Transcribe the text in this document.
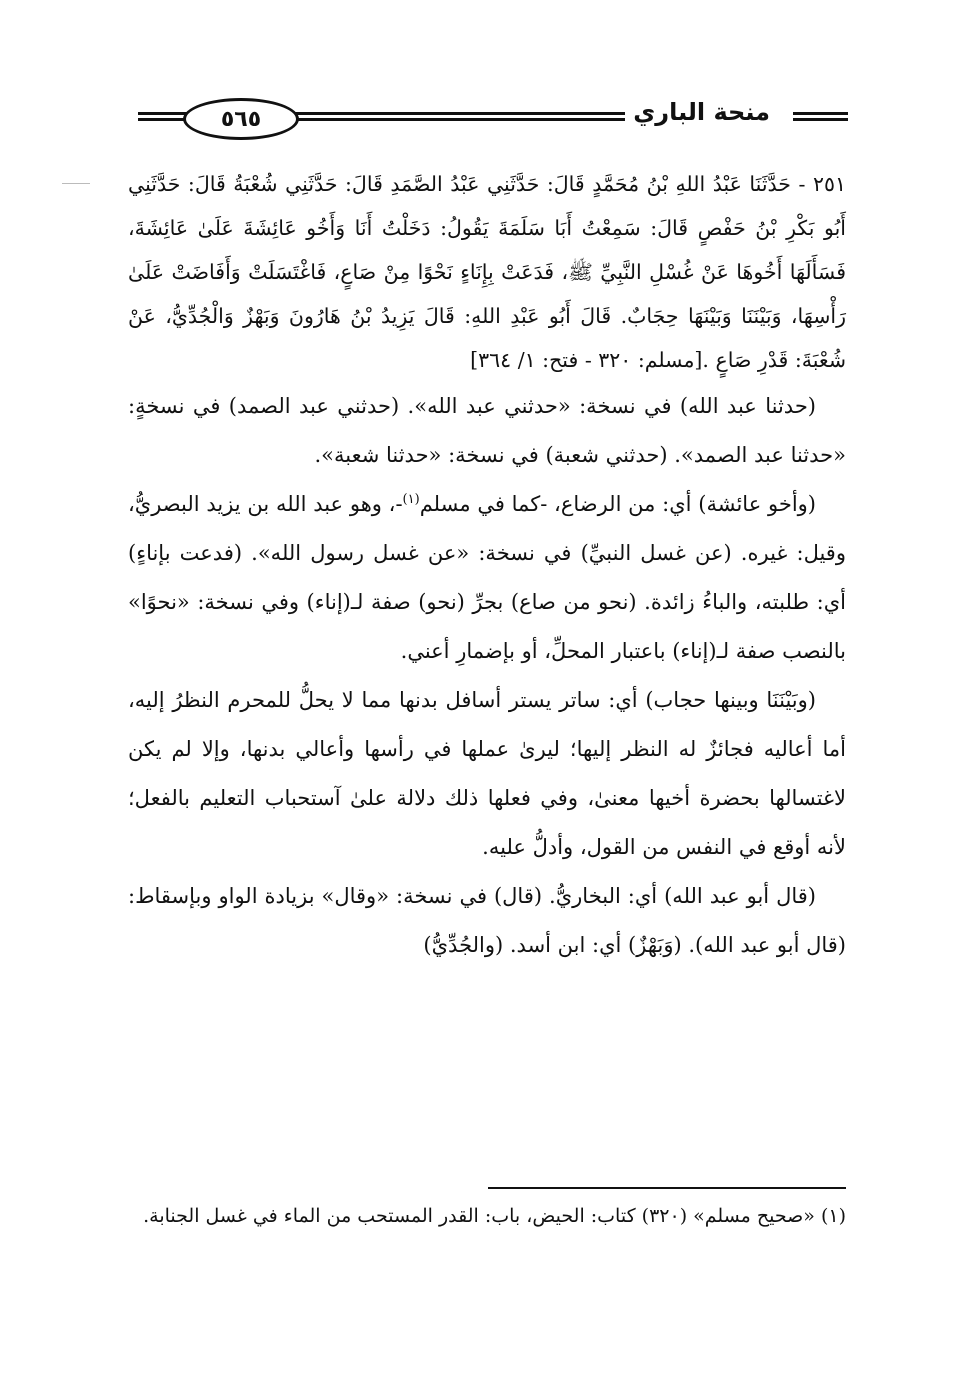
٥٦٥	منحة الباري

٢٥١ - حَدَّثَنَا عَبْدُ اللهِ بْنُ مُحَمَّدٍ قَالَ: حَدَّثَنِي عَبْدُ الصَّمَدِ قَالَ: حَدَّثَنِي شُعْبَةُ قَالَ: حَدَّثَنِي أَبُو بَكْرِ بْنُ حَفْصٍ قَالَ: سَمِعْتُ أَبَا سَلَمَةَ يَقُولُ: دَخَلْتُ أَنَا وَأَخُو عَائِشَةَ عَلَىٰ عَائِشَةَ، فَسَأَلَهَا أَخُوهَا عَنْ غُسْلِ النَّبِيِّ ﷺ، فَدَعَتْ بِإِنَاءٍ نَحْوًا مِنْ صَاعٍ، فَاغْتَسَلَتْ وَأَفَاضَتْ عَلَىٰ رَأْسِهَا، وَبَيْنَنَا وَبَيْنَهَا حِجَابٌ. قَالَ أَبُو عَبْدِ اللهِ: قَالَ يَزِيدُ بْنُ هَارُونَ وَبَهْزٌ وَالْجُدِّيُّ، عَنْ شُعْبَةَ: قَدْرِ صَاعٍ .[مسلم: ٣٢٠ - فتح: ١/ ٣٦٤]

(حدثنا عبد الله) في نسخة: «حدثني عبد الله». (حدثني عبد الصمد) في نسخةٍ: «حدثنا عبد الصمد». (حدثني شعبة) في نسخة: «حدثنا شعبة».

(وأخو عائشة) أي: من الرضاع، -كما في مسلم$^{(١)}$-، وهو عبد الله بن يزيد البصريُّ، وقيل: غيره. (عن غسل النبيِّ) في نسخة: «عن غسل رسول الله». (فدعت بإناءٍ) أي: طلبته، والباءُ زائدة. (نحو من صاع) بجرِّ (نحو) صفة لـ(إناء) وفي نسخة: «نحوًا» بالنصب صفة لـ(إناء) باعتبار المحلِّ، أو بإضمارِ أعني.

(وبَيْنَنَا وبينها حجاب) أي: ساتر يستر أسافل بدنها مما لا يحلُّ للمحرم النظرُ إليه، أما أعاليه فجائزٌ له النظر إليها؛ ليرىٰ عملها في رأسها وأعالي بدنها، وإلا لم يكن لاغتسالها بحضرة أخيها معنىٰ، وفي فعلها ذلك دلالة علىٰ آستحباب التعليم بالفعل؛ لأنه أوقع في النفس من القول، وأدلُّ عليه.

(قال أبو عبد الله) أي: البخاريُّ. (قال) في نسخة: «وقال» بزيادة الواو وبإسقاط: (قال أبو عبد الله). (وَبَهْزٌ) أي: ابن أسد. (والجُدِّيُّ)

(١) «صحيح مسلم» (٣٢٠) كتاب: الحيض، باب: القدر المستحب من الماء في غسل الجنابة.
